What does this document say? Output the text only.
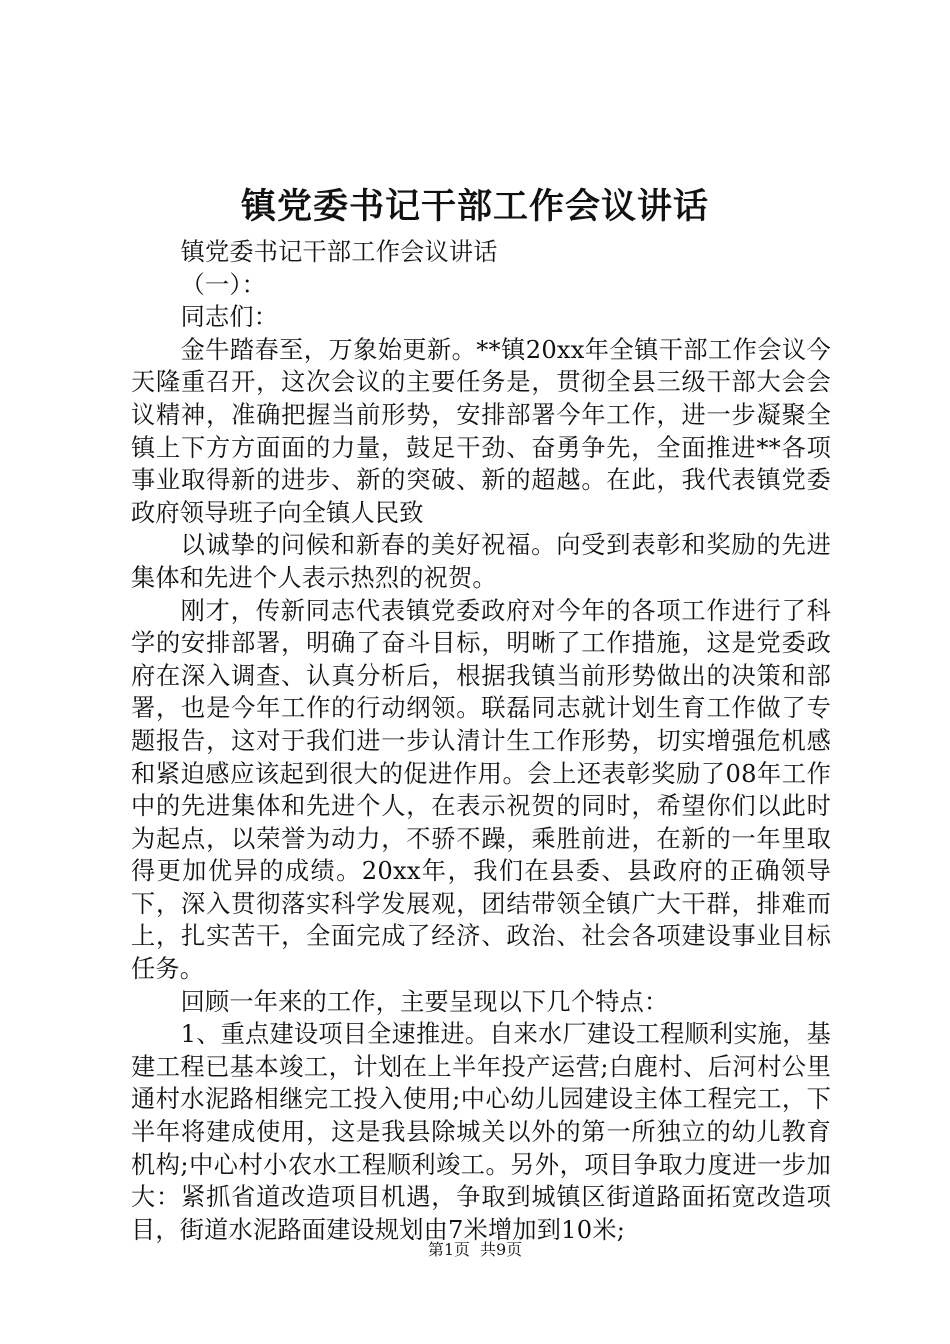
镇党委书记干部工作会议讲话

镇党委书记干部工作会议讲话

（一）：

同志们：

金牛踏春至，万象始更新。**镇20xx年全镇干部工作会议今天隆重召开，这次会议的主要任务是，贯彻全县三级干部大会会议精神，准确把握当前形势，安排部署今年工作，进一步凝聚全镇上下方方面面的力量，鼓足干劲、奋勇争先，全面推进**各项事业取得新的进步、新的突破、新的超越。在此，我代表镇党委政府领导班子向全镇人民致

以诚挚的问候和新春的美好祝福。向受到表彰和奖励的先进集体和先进个人表示热烈的祝贺。

刚才，传新同志代表镇党委政府对今年的各项工作进行了科学的安排部署，明确了奋斗目标，明晰了工作措施，这是党委政府在深入调查、认真分析后，根据我镇当前形势做出的决策和部署，也是今年工作的行动纲领。联磊同志就计划生育工作做了专题报告，这对于我们进一步认清计生工作形势，切实增强危机感和紧迫感应该起到很大的促进作用。会上还表彰奖励了08年工作中的先进集体和先进个人，在表示祝贺的同时，希望你们以此时为起点，以荣誉为动力，不骄不躁，乘胜前进，在新的一年里取得更加优异的成绩。20xx年，我们在县委、县政府的正确领导下，深入贯彻落实科学发展观，团结带领全镇广大干群，排难而上，扎实苦干，全面完成了经济、政治、社会各项建设事业目标任务。

回顾一年来的工作，主要呈现以下几个特点：

1、重点建设项目全速推进。自来水厂建设工程顺利实施，基建工程已基本竣工，计划在上半年投产运营;白鹿村、后河村公里通村水泥路相继完工投入使用;中心幼儿园建设主体工程完工，下半年将建成使用，这是我县除城关以外的第一所独立的幼儿教育机构;中心村小农水工程顺利竣工。另外，项目争取力度进一步加大：紧抓省道改造项目机遇，争取到城镇区街道路面拓宽改造项目，街道水泥路面建设规划由7米增加到10米;

第1页 共9页
